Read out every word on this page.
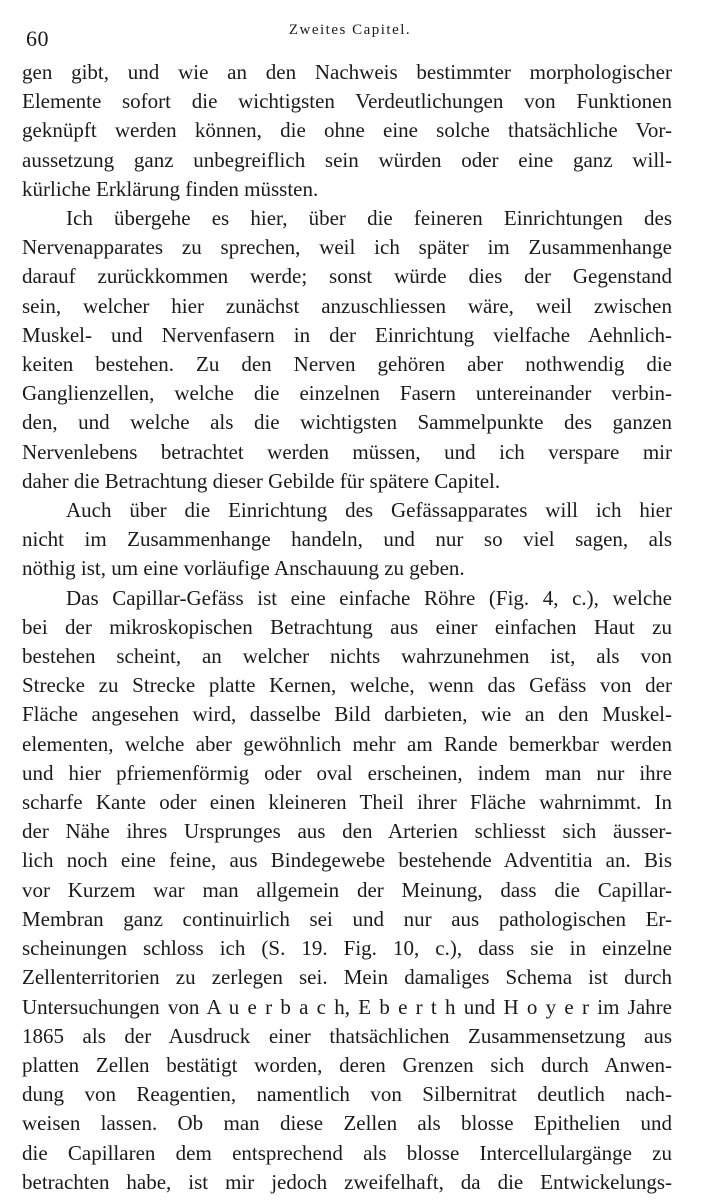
60	Zweites Capitel.
gen gibt, und wie an den Nachweis bestimmter morphologischer
Elemente sofort die wichtigsten Verdeutlichungen von Funktionen
geknüpft werden können, die ohne eine solche thatsächliche Vor-
aussetzung ganz unbegreiflich sein würden oder eine ganz will-
kürliche Erklärung finden müssten.
Ich übergehe es hier, über die feineren Einrichtungen des
Nervenapparates zu sprechen, weil ich später im Zusammenhange
darauf zurückkommen werde; sonst würde dies der Gegenstand
sein, welcher hier zunächst anzuschliessen wäre, weil zwischen
Muskel- und Nervenfasern in der Einrichtung vielfache Aehnlich-
keiten bestehen. Zu den Nerven gehören aber nothwendig die
Ganglienzellen, welche die einzelnen Fasern untereinander verbin-
den, und welche als die wichtigsten Sammelpunkte des ganzen
Nervenlebens betrachtet werden müssen, und ich verspare mir
daher die Betrachtung dieser Gebilde für spätere Capitel.
Auch über die Einrichtung des Gefässapparates will ich hier
nicht im Zusammenhange handeln, und nur so viel sagen, als
nöthig ist, um eine vorläufige Anschauung zu geben.
Das Capillar-Gefäss ist eine einfache Röhre (Fig. 4, c.), welche
bei der mikroskopischen Betrachtung aus einer einfachen Haut zu
bestehen scheint, an welcher nichts wahrzunehmen ist, als von
Strecke zu Strecke platte Kernen, welche, wenn das Gefäss von der
Fläche angesehen wird, dasselbe Bild darbieten, wie an den Muskel-
elementen, welche aber gewöhnlich mehr am Rande bemerkbar werden
und hier pfriemenförmig oder oval erscheinen, indem man nur ihre
scharfe Kante oder einen kleineren Theil ihrer Fläche wahrnimmt. In
der Nähe ihres Ursprunges aus den Arterien schliesst sich äusser-
lich noch eine feine, aus Bindegewebe bestehende Adventitia an. Bis
vor Kurzem war man allgemein der Meinung, dass die Capillar-
Membran ganz continuirlich sei und nur aus pathologischen Er-
scheinungen schloss ich (S. 19. Fig. 10, c.), dass sie in einzelne
Zellenterritorien zu zerlegen sei. Mein damaliges Schema ist durch
Untersuchungen von A u e r b a c h, E b e r t h und H o y e r im Jahre
1865 als der Ausdruck einer thatsächlichen Zusammensetzung aus
platten Zellen bestätigt worden, deren Grenzen sich durch Anwen-
dung von Reagentien, namentlich von Silbernitrat deutlich nach-
weisen lassen. Ob man diese Zellen als blosse Epithelien und
die Capillaren dem entsprechend als blosse Intercellulargänge zu
betrachten habe, ist mir jedoch zweifelhaft, da die Entwickelungs-
